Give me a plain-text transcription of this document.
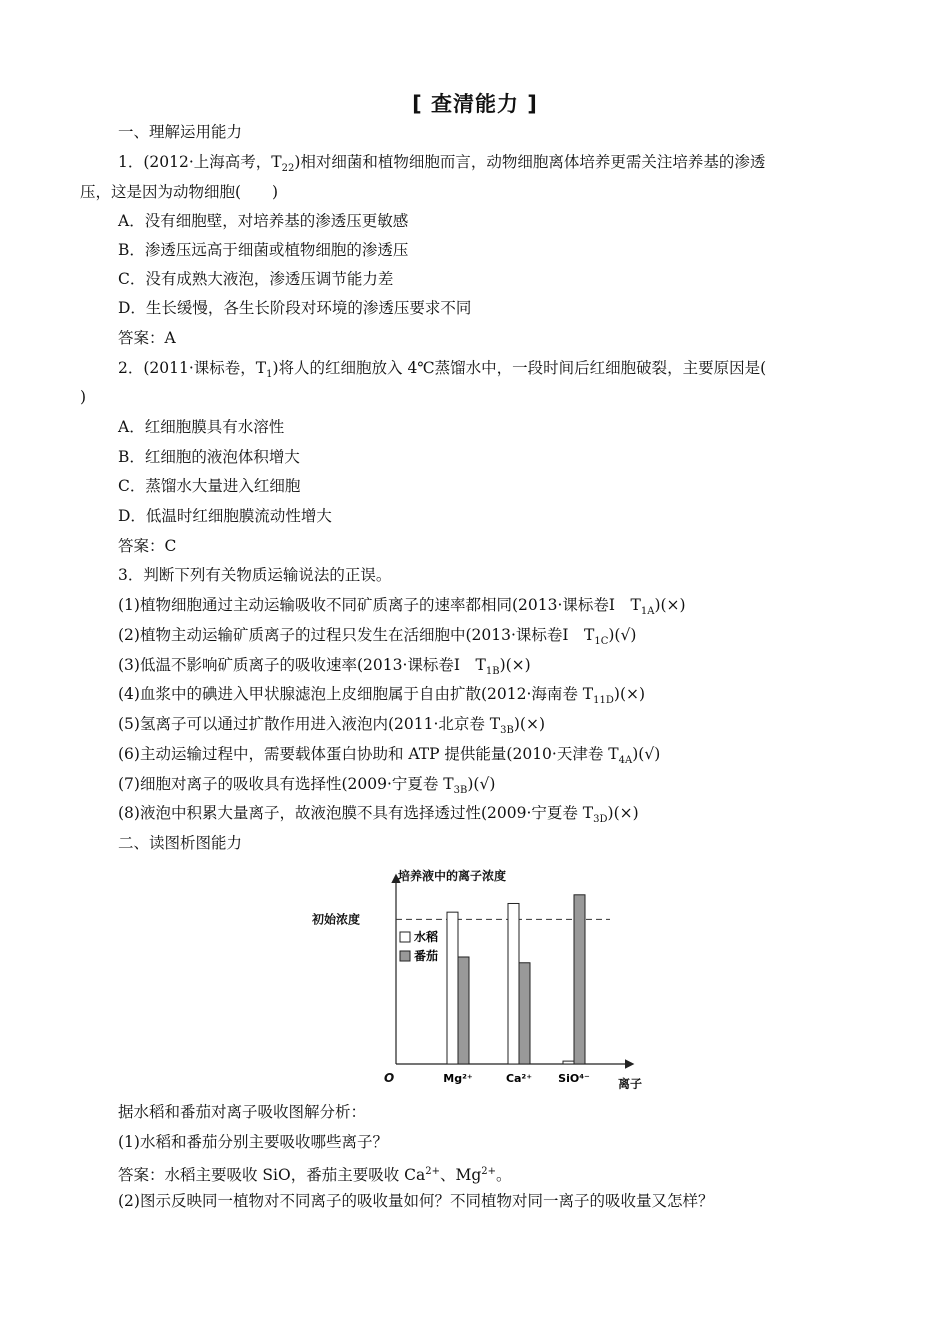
[ 查清能力 ]
一、理解运用能力
1．(2012·上海高考，$T_{22}$)相对细菌和植物细胞而言，动物细胞离体培养更需关注培养基的渗透
压，这是因为动物细胞(　　)
A．没有细胞壁，对培养基的渗透压更敏感
B．渗透压远高于细菌或植物细胞的渗透压
C．没有成熟大液泡，渗透压调节能力差
D．生长缓慢，各生长阶段对环境的渗透压要求不同
答案：A
2．(2011·课标卷，$T_1$)将人的红细胞放入 4℃蒸馏水中，一段时间后红细胞破裂，主要原因是(
)
A．红细胞膜具有水溶性
B．红细胞的液泡体积增大
C．蒸馏水大量进入红细胞
D．低温时红细胞膜流动性增大
答案：C
3．判断下列有关物质运输说法的正误。
(1)植物细胞通过主动运输吸收不同矿质离子的速率都相同(2013·课标卷Ⅰ　$T_{1A})(\times)$
(2)植物主动运输矿质离子的过程只发生在活细胞中(2013·课标卷Ⅰ　$T_{1C})(√)$
(3)低温不影响矿质离子的吸收速率(2013·课标卷Ⅰ　$T_{1B})(\times)$
(4)血浆中的碘进入甲状腺滤泡上皮细胞属于自由扩散(2012·海南卷 $T_{11D})(\times)$
(5)氢离子可以通过扩散作用进入液泡内(2011·北京卷 $T_{3B})(\times)$
(6)主动运输过程中，需要载体蛋白协助和 ATP 提供能量(2010·天津卷 $T_{4A})(√)$
(7)细胞对离子的吸收具有选择性(2009·宁夏卷 $T_{3B})(√)$
(8)液泡中积累大量离子，故液泡膜不具有选择透过性(2009·宁夏卷 $T_{3D})(\times)$
二、读图析图能力
培养液中的离子浓度
离子
O
初始浓度
水稻
番茄
Mg²⁺	Ca²⁺ SiO⁴⁻
据水稻和番茄对离子吸收图解分析：
(1)水稻和番茄分别主要吸收哪些离子？
答案：水稻主要吸收 SiO，番茄主要吸收 $Ca^{2+}$、$Mg^{2+}$。
(2)图示反映同一植物对不同离子的吸收量如何？不同植物对同一离子的吸收量又怎样？
